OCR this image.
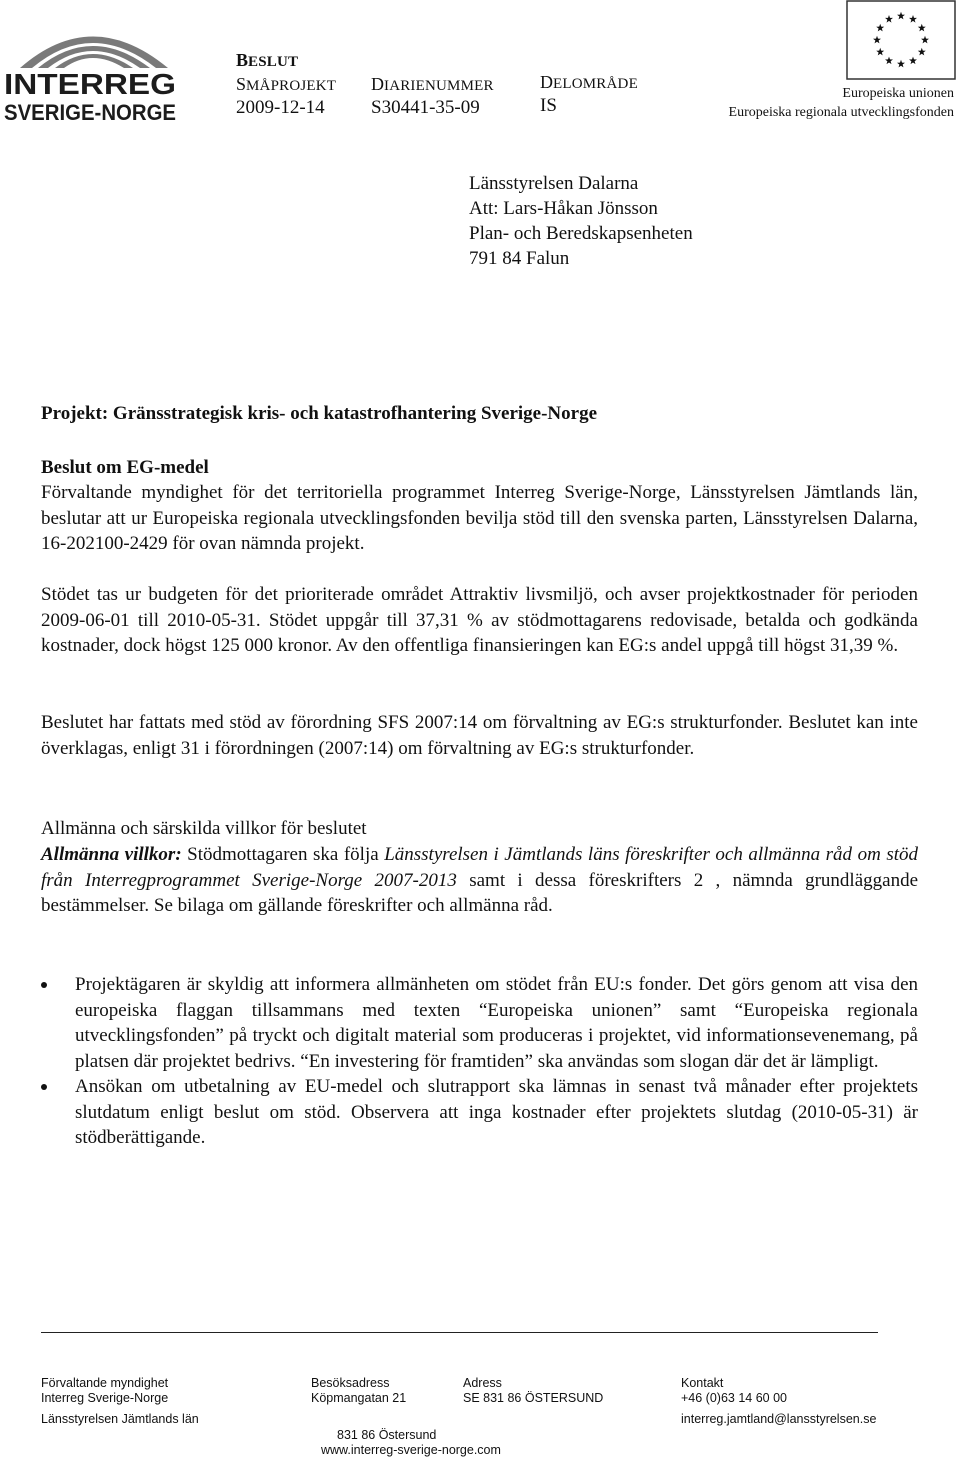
INTERREG
SVERIGE-NORGE
BESLUT
SMÅPROJEKT
2009-12-14
DIARIENUMMER
S30441-35-09
DELOMRÅDE
IS
Europeiska unionen
Europeiska regionala utvecklingsfonden
Länsstyrelsen Dalarna
Att: Lars-Håkan Jönsson
Plan- och Beredskapsenheten
791 84 Falun
Projekt: Gränsstrategisk kris- och katastrofhantering Sverige-Norge
Beslut om EG-medel
Förvaltande myndighet för det territoriella programmet Interreg Sverige-Norge, Länsstyrelsen Jämtlands län, beslutar att ur Europeiska regionala utvecklingsfonden bevilja stöd till den svenska parten, Länsstyrelsen Dalarna, 16-202100-2429 för ovan nämnda projekt.
Stödet tas ur budgeten för det prioriterade området Attraktiv livsmiljö, och avser projektkostnader för perioden 2009-06-01 till 2010-05-31. Stödet uppgår till 37,31 % av stödmottagarens redovisade, betalda och godkända kostnader, dock högst 125 000 kronor. Av den offentliga finansieringen kan EG:s andel uppgå till högst 31,39 %.
Beslutet har fattats med stöd av förordning SFS 2007:14 om förvaltning av EG:s strukturfonder. Beslutet kan inte överklagas, enligt 31 i förordningen (2007:14) om förvaltning av EG:s strukturfonder.
Allmänna och särskilda villkor för beslutet
Allmänna villkor: Stödmottagaren ska följa Länsstyrelsen i Jämtlands läns föreskrifter och allmänna råd om stöd från Interregprogrammet Sverige-Norge 2007-2013 samt i dessa föreskrifters 2 , nämnda grundläggande bestämmelser. Se bilaga om gällande föreskrifter och allmänna råd.
Projektägaren är skyldig att informera allmänheten om stödet från EU:s fonder. Det görs genom att visa den europeiska flaggan tillsammans med texten “Europeiska unionen” samt “Europeiska regionala utvecklingsfonden” på tryckt och digitalt material som produceras i projektet, vid informationsevenemang, på platsen där projektet bedrivs. “En investering för framtiden” ska användas som slogan där det är lämpligt.
Ansökan om utbetalning av EU-medel och slutrapport ska lämnas in senast två månader efter projektets slutdatum enligt beslut om stöd. Observera att inga kostnader efter projektets slutdag (2010-05-31) är stödberättigande.
Förvaltande myndighet
Interreg Sverige-Norge
Länsstyrelsen Jämtlands län
Besöksadress
Köpmangatan 21
Adress
SE 831 86 ÖSTERSUND
Kontakt
+46 (0)63 14 60 00
interreg.jamtland@lansstyrelsen.se
831 86 Östersund
www.interreg-sverige-norge.com
